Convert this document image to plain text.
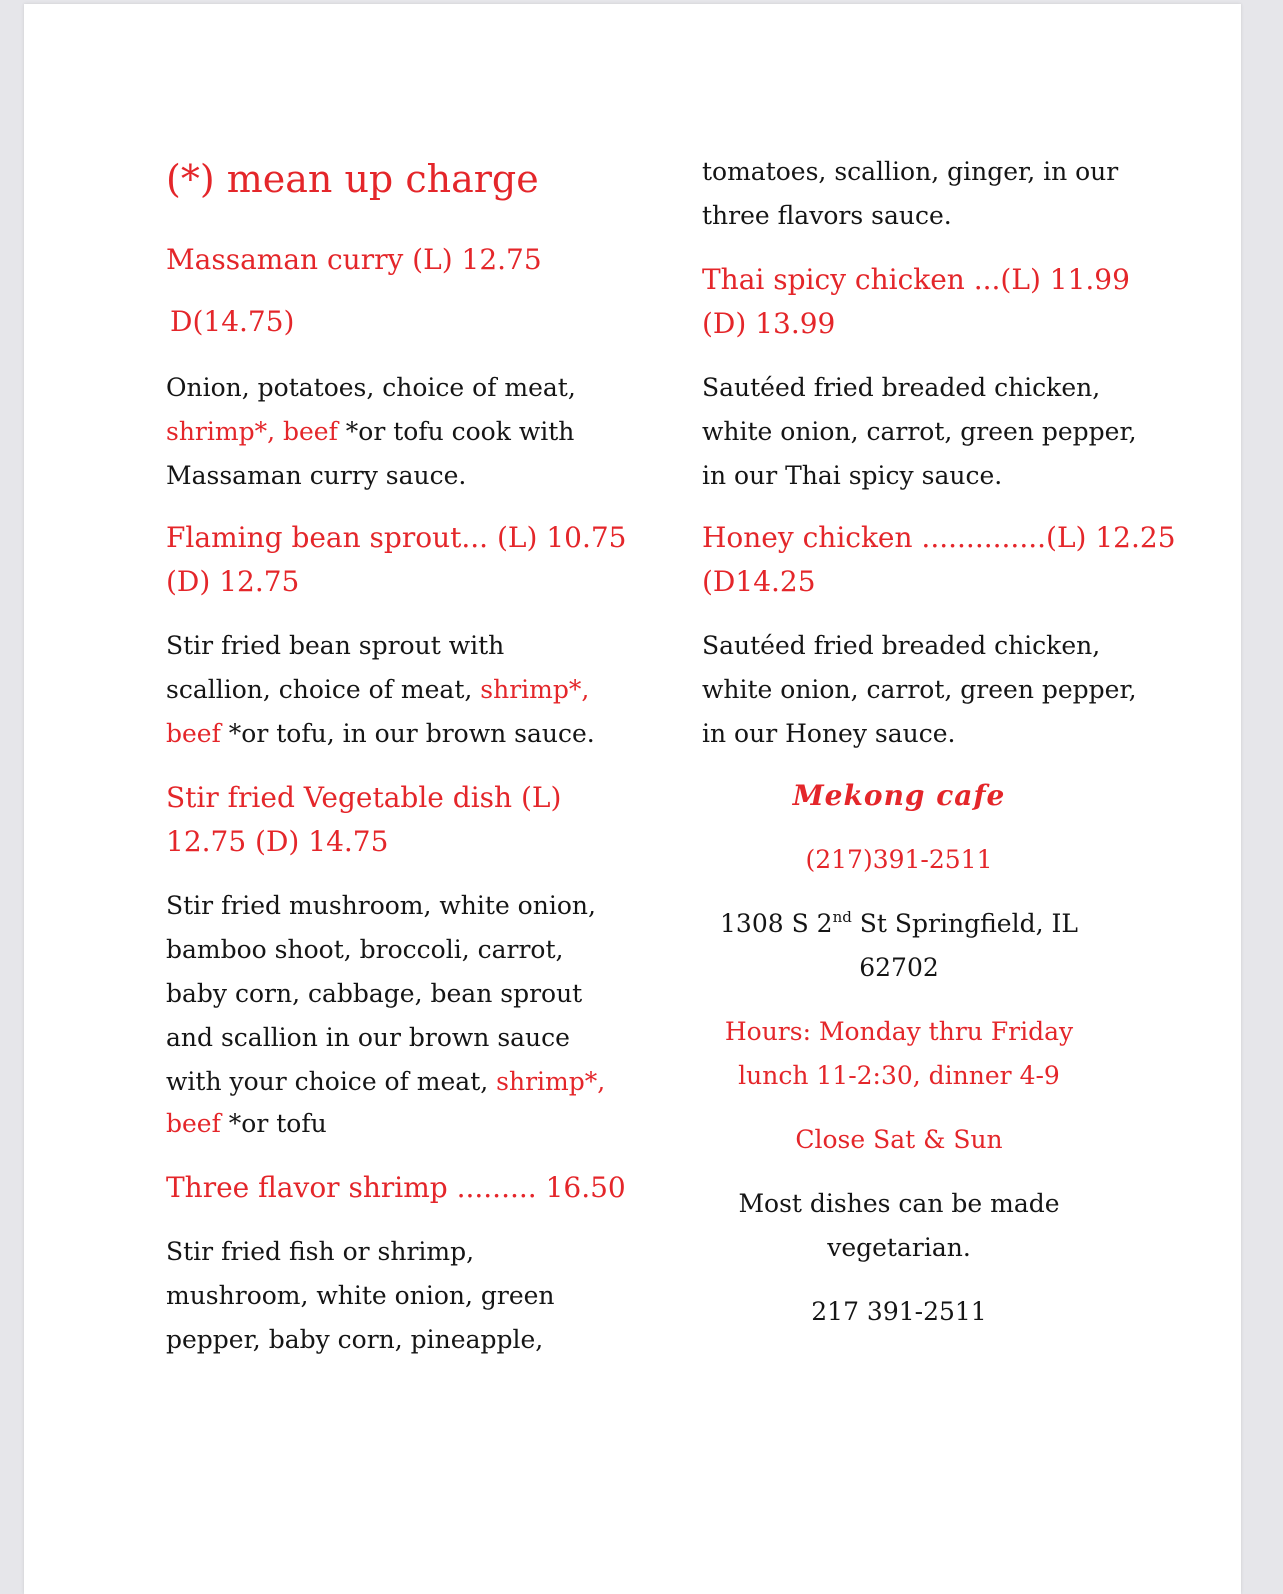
(*) mean up charge
Massaman curry (L) 12.75
D(14.75)
Onion, potatoes, choice of meat,
shrimp*, beef *or tofu cook with
Massaman curry sauce.
Flaming bean sprout... (L) 10.75
(D) 12.75
Stir fried bean sprout with
scallion, choice of meat, shrimp*,
beef *or tofu, in our brown sauce.
Stir fried Vegetable dish (L)
12.75 (D) 14.75
Stir fried mushroom, white onion,
bamboo shoot, broccoli, carrot,
baby corn, cabbage, bean sprout
and scallion in our brown sauce
with your choice of meat, shrimp*,
beef *or tofu
Three flavor shrimp ......... 16.50
Stir fried fish or shrimp,
mushroom, white onion, green
pepper, baby corn, pineapple,
tomatoes, scallion, ginger, in our
three flavors sauce.
Thai spicy chicken ...(L) 11.99
(D) 13.99
Sautéed fried breaded chicken,
white onion, carrot, green pepper,
in our Thai spicy sauce.
Honey chicken ..............(L) 12.25
(D14.25
Sautéed fried breaded chicken,
white onion, carrot, green pepper,
in our Honey sauce.
Mekong cafe
(217)391-2511
1308 S 2nd St Springfield, IL
62702
Hours: Monday thru Friday
lunch 11-2:30, dinner 4-9
Close Sat & Sun
Most dishes can be made
vegetarian.
217 391-2511
